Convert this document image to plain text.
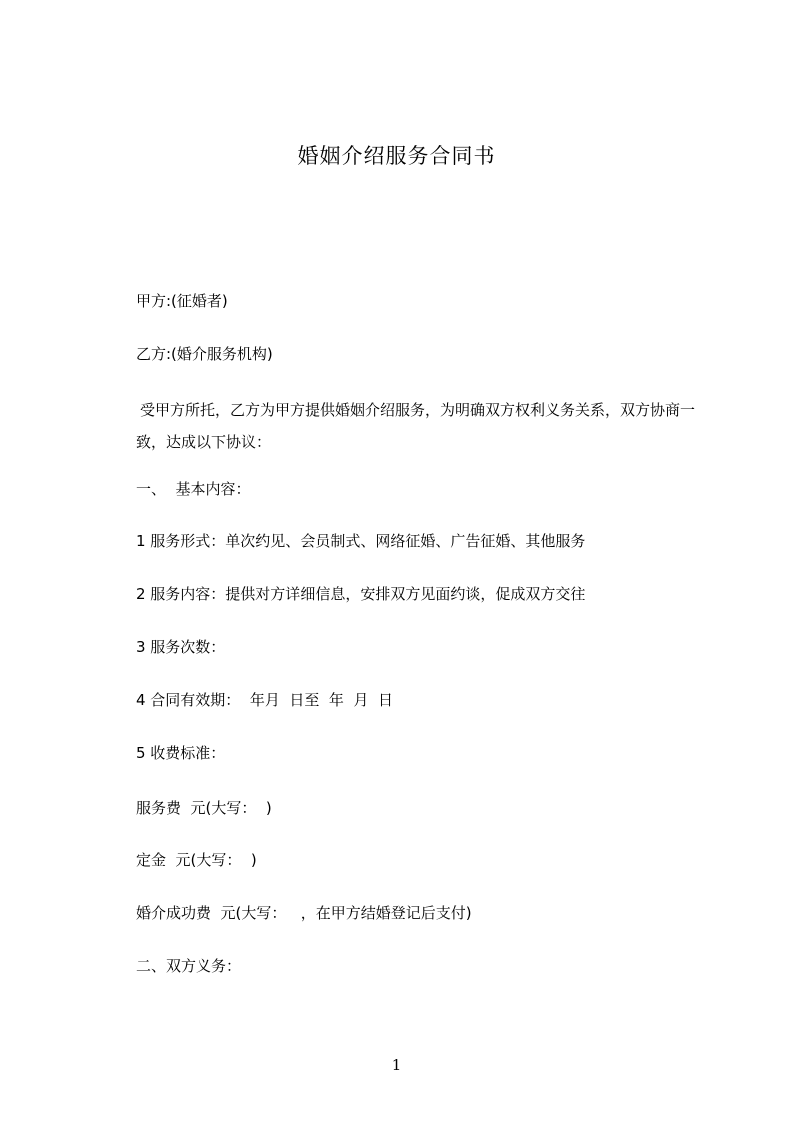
婚姻介绍服务合同书
甲方:(征婚者)
乙方:(婚介服务机构)
受甲方所托，乙方为甲方提供婚姻介绍服务，为明确双方权利义务关系，双方协商一致，达成以下协议：
一、  基本内容：
1 服务形式：单次约见、会员制式、网络征婚、广告征婚、其他服务
2 服务内容：提供对方详细信息，安排双方见面约谈，促成双方交往
3 服务次数：
4 合同有效期：  年月  日至  年  月  日
5 收费标准：
服务费  元(大写：  )
定金  元(大写：  )
婚介成功费  元(大写：   ，在甲方结婚登记后支付)
二、双方义务：
1
